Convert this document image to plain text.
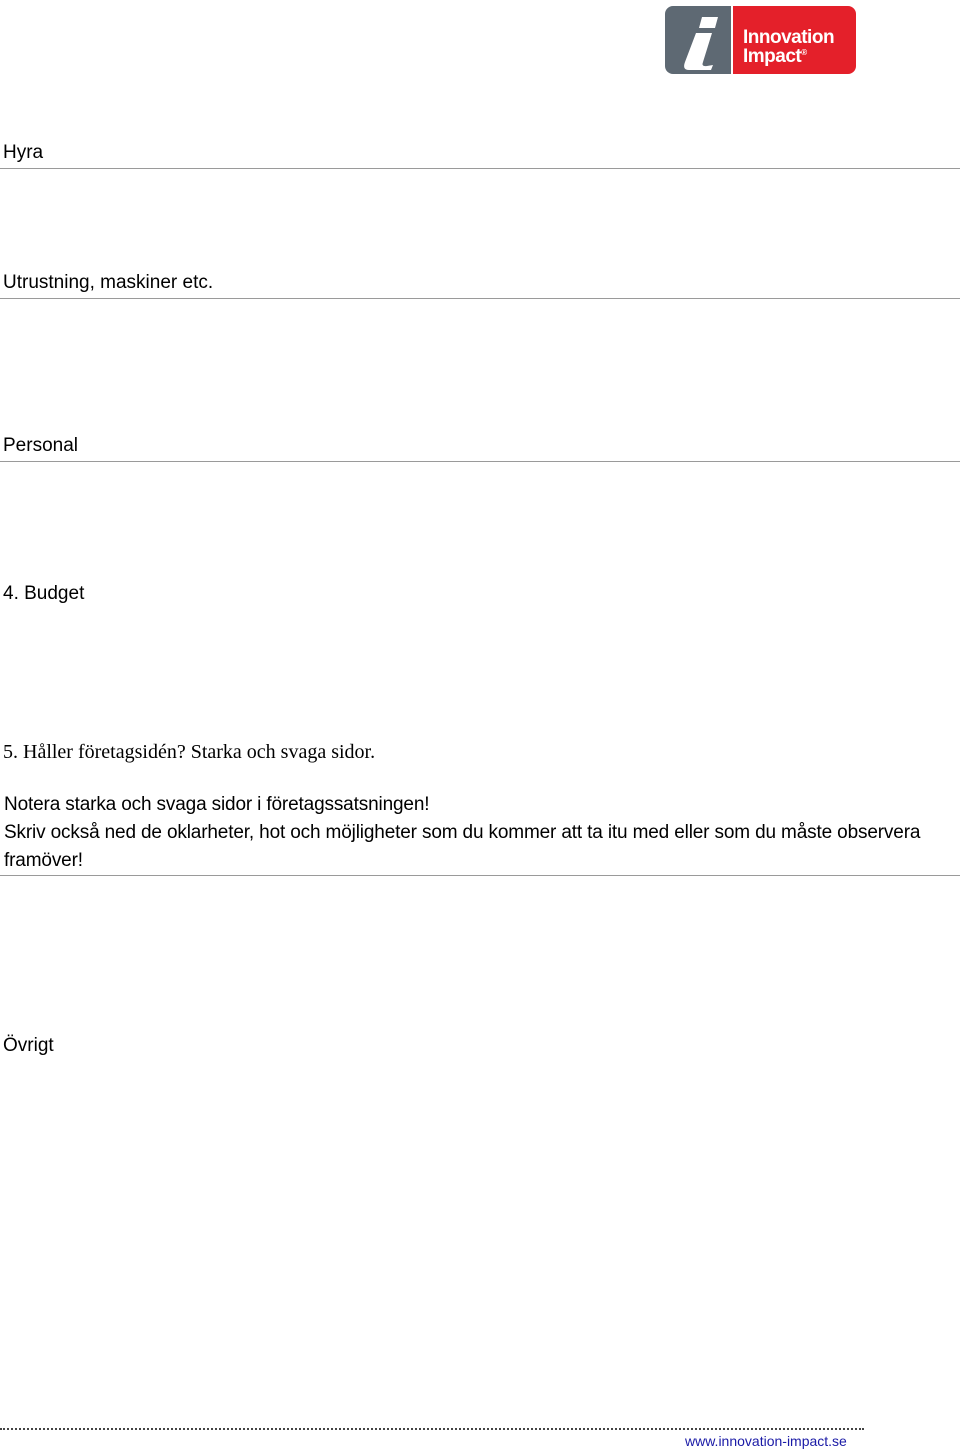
Innovation
Impact®
Hyra
Utrustning, maskiner etc.
Personal
4. Budget
5. Håller företagsidén? Starka och svaga sidor.
Notera starka och svaga sidor i företagssatsningen!
Skriv också ned de oklarheter, hot och möjligheter som du kommer att ta itu med eller som du måste observera framöver!
Övrigt
www.innovation-impact.se
